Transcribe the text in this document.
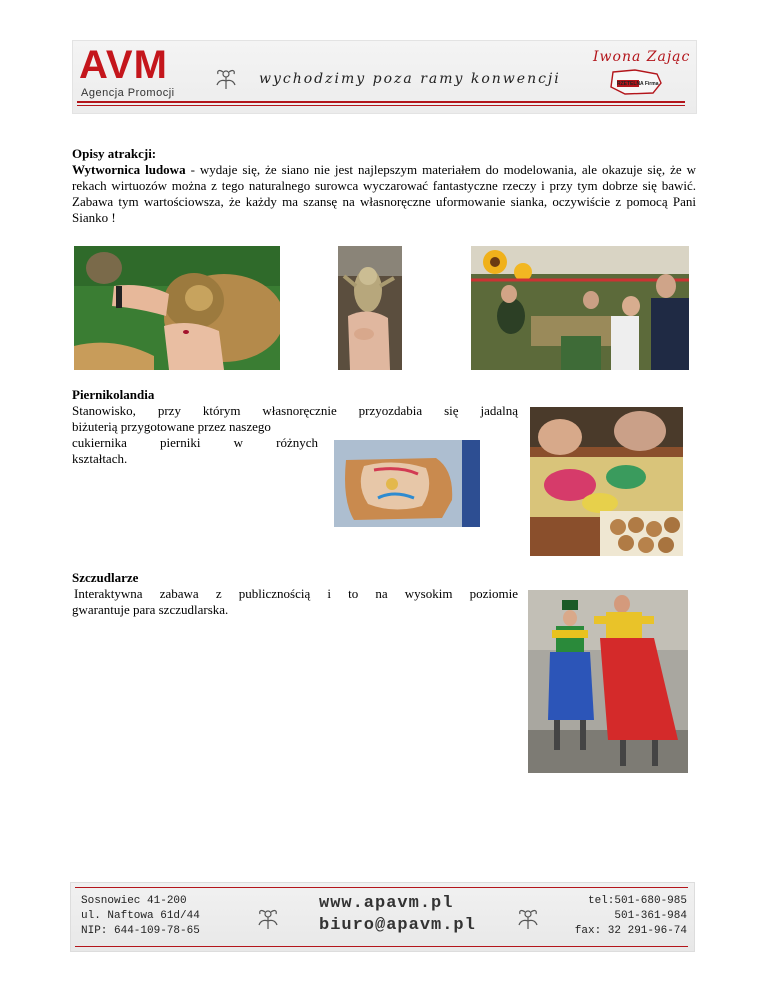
AVM
Agencja Promocji
wychodzimy poza ramy konwencji
Iwona Zając
RZETELNA Firma
Opisy atrakcji:

Wytwornica ludowa - wydaje się, że siano nie jest najlepszym materiałem do modelowania, ale okazuje się, że w rekach wirtuozów można z tego naturalnego surowca wyczarować fantastyczne rzeczy i przy tym dobrze się bawić. Zabawa tym wartościowsza, że każdy ma szansę na własnoręczne uformowanie sianka, oczywiście z pomocą Pani Sianko !

Piernikolandia

Stanowisko, przy którym własnoręcznie przyozdabia się jadalną

biżuterią przygotowane przez naszego

cukiernika pierniki w różnych

kształtach.

Szczudlarze

Interaktywna zabawa z publicznością i to na wysokim poziomie

gwarantuje para szczudlarska.

Sosnowiec 41-200
ul. Naftowa 61d/44
NIP: 644-109-78-65
www.apavm.pl
biuro@apavm.pl
tel:501-680-985
501-361-984
fax: 32 291-96-74
